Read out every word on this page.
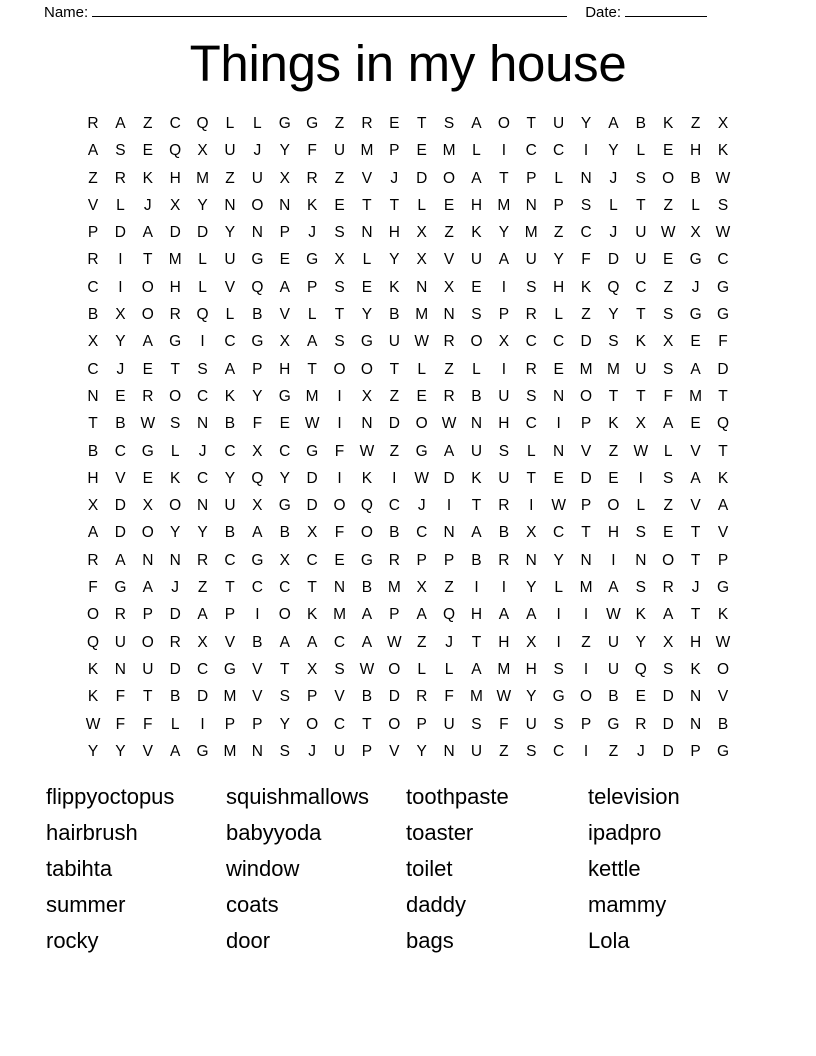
Name:	Date:
Things in my house
R	A	Z	C	Q	L	L	G	G	Z	R	E	T	S	A	O	T	U	Y	A	B	K	Z	X
A	S	E	Q	X	U	J	Y	F	U	M	P	E	M	L	I	C	C	I	Y	L	E	H	K
Z	R	K	H	M	Z	U	X	R	Z	V	J	D	O	A	T	P	L	N	J	S	O	B	W
V	L	J	X	Y	N	O	N	K	E	T	T	L	E	H	M	N	P	S	L	T	Z	L	S
P	D	A	D	D	Y	N	P	J	S	N	H	X	Z	K	Y	M	Z	C	J	U	W	X	W
R	I	T	M	L	U	G	E	G	X	L	Y	X	V	U	A	U	Y	F	D	U	E	G	C
C	I	O	H	L	V	Q	A	P	S	E	K	N	X	E	I	S	H	K	Q	C	Z	J	G
B	X	O	R	Q	L	B	V	L	T	Y	B	M	N	S	P	R	L	Z	Y	T	S	G	G
X	Y	A	G	I	C	G	X	A	S	G	U	W	R	O	X	C	C	D	S	K	X	E	F
C	J	E	T	S	A	P	H	T	O	O	T	L	Z	L	I	R	E	M	M	U	S	A	D
N	E	R	O	C	K	Y	G	M	I	X	Z	E	R	B	U	S	N	O	T	T	F	M	T
T	B	W	S	N	B	F	E	W	I	N	D	O	W	N	H	C	I	P	K	X	A	E	Q
B	C	G	L	J	C	X	C	G	F	W	Z	G	A	U	S	L	N	V	Z	W	L	V	T
H	V	E	K	C	Y	Q	Y	D	I	K	I	W	D	K	U	T	E	D	E	I	S	A	K
X	D	X	O	N	U	X	G	D	O	Q	C	J	I	T	R	I	W	P	O	L	Z	V	A
A	D	O	Y	Y	B	A	B	X	F	O	B	C	N	A	B	X	C	T	H	S	E	T	V
R	A	N	N	R	C	G	X	C	E	G	R	P	P	B	R	N	Y	N	I	N	O	T	P
F	G	A	J	Z	T	C	C	T	N	B	M	X	Z	I	I	Y	L	M	A	S	R	J	G
O	R	P	D	A	P	I	O	K	M	A	P	A	Q	H	A	A	I	I	W	K	A	T	K
Q	U	O	R	X	V	B	A	A	C	A	W	Z	J	T	H	X	I	Z	U	Y	X	H	W
K	N	U	D	C	G	V	T	X	S	W	O	L	L	A	M	H	S	I	U	Q	S	K	O
K	F	T	B	D	M	V	S	P	V	B	D	R	F	M	W	Y	G	O	B	E	D	N	V
W	F	F	L	I	P	P	Y	O	C	T	O	P	U	S	F	U	S	P	G	R	D	N	B
Y	Y	V	A	G	M	N	S	J	U	P	V	Y	N	U	Z	S	C	I	Z	J	D	P	G
flippyoctopus	squishmallows	toothpaste	television
hairbrush	babyyoda	toaster	ipadpro
tabihta	window	toilet	kettle
summer	coats	daddy	mammy
rocky	door	bags	Lola
